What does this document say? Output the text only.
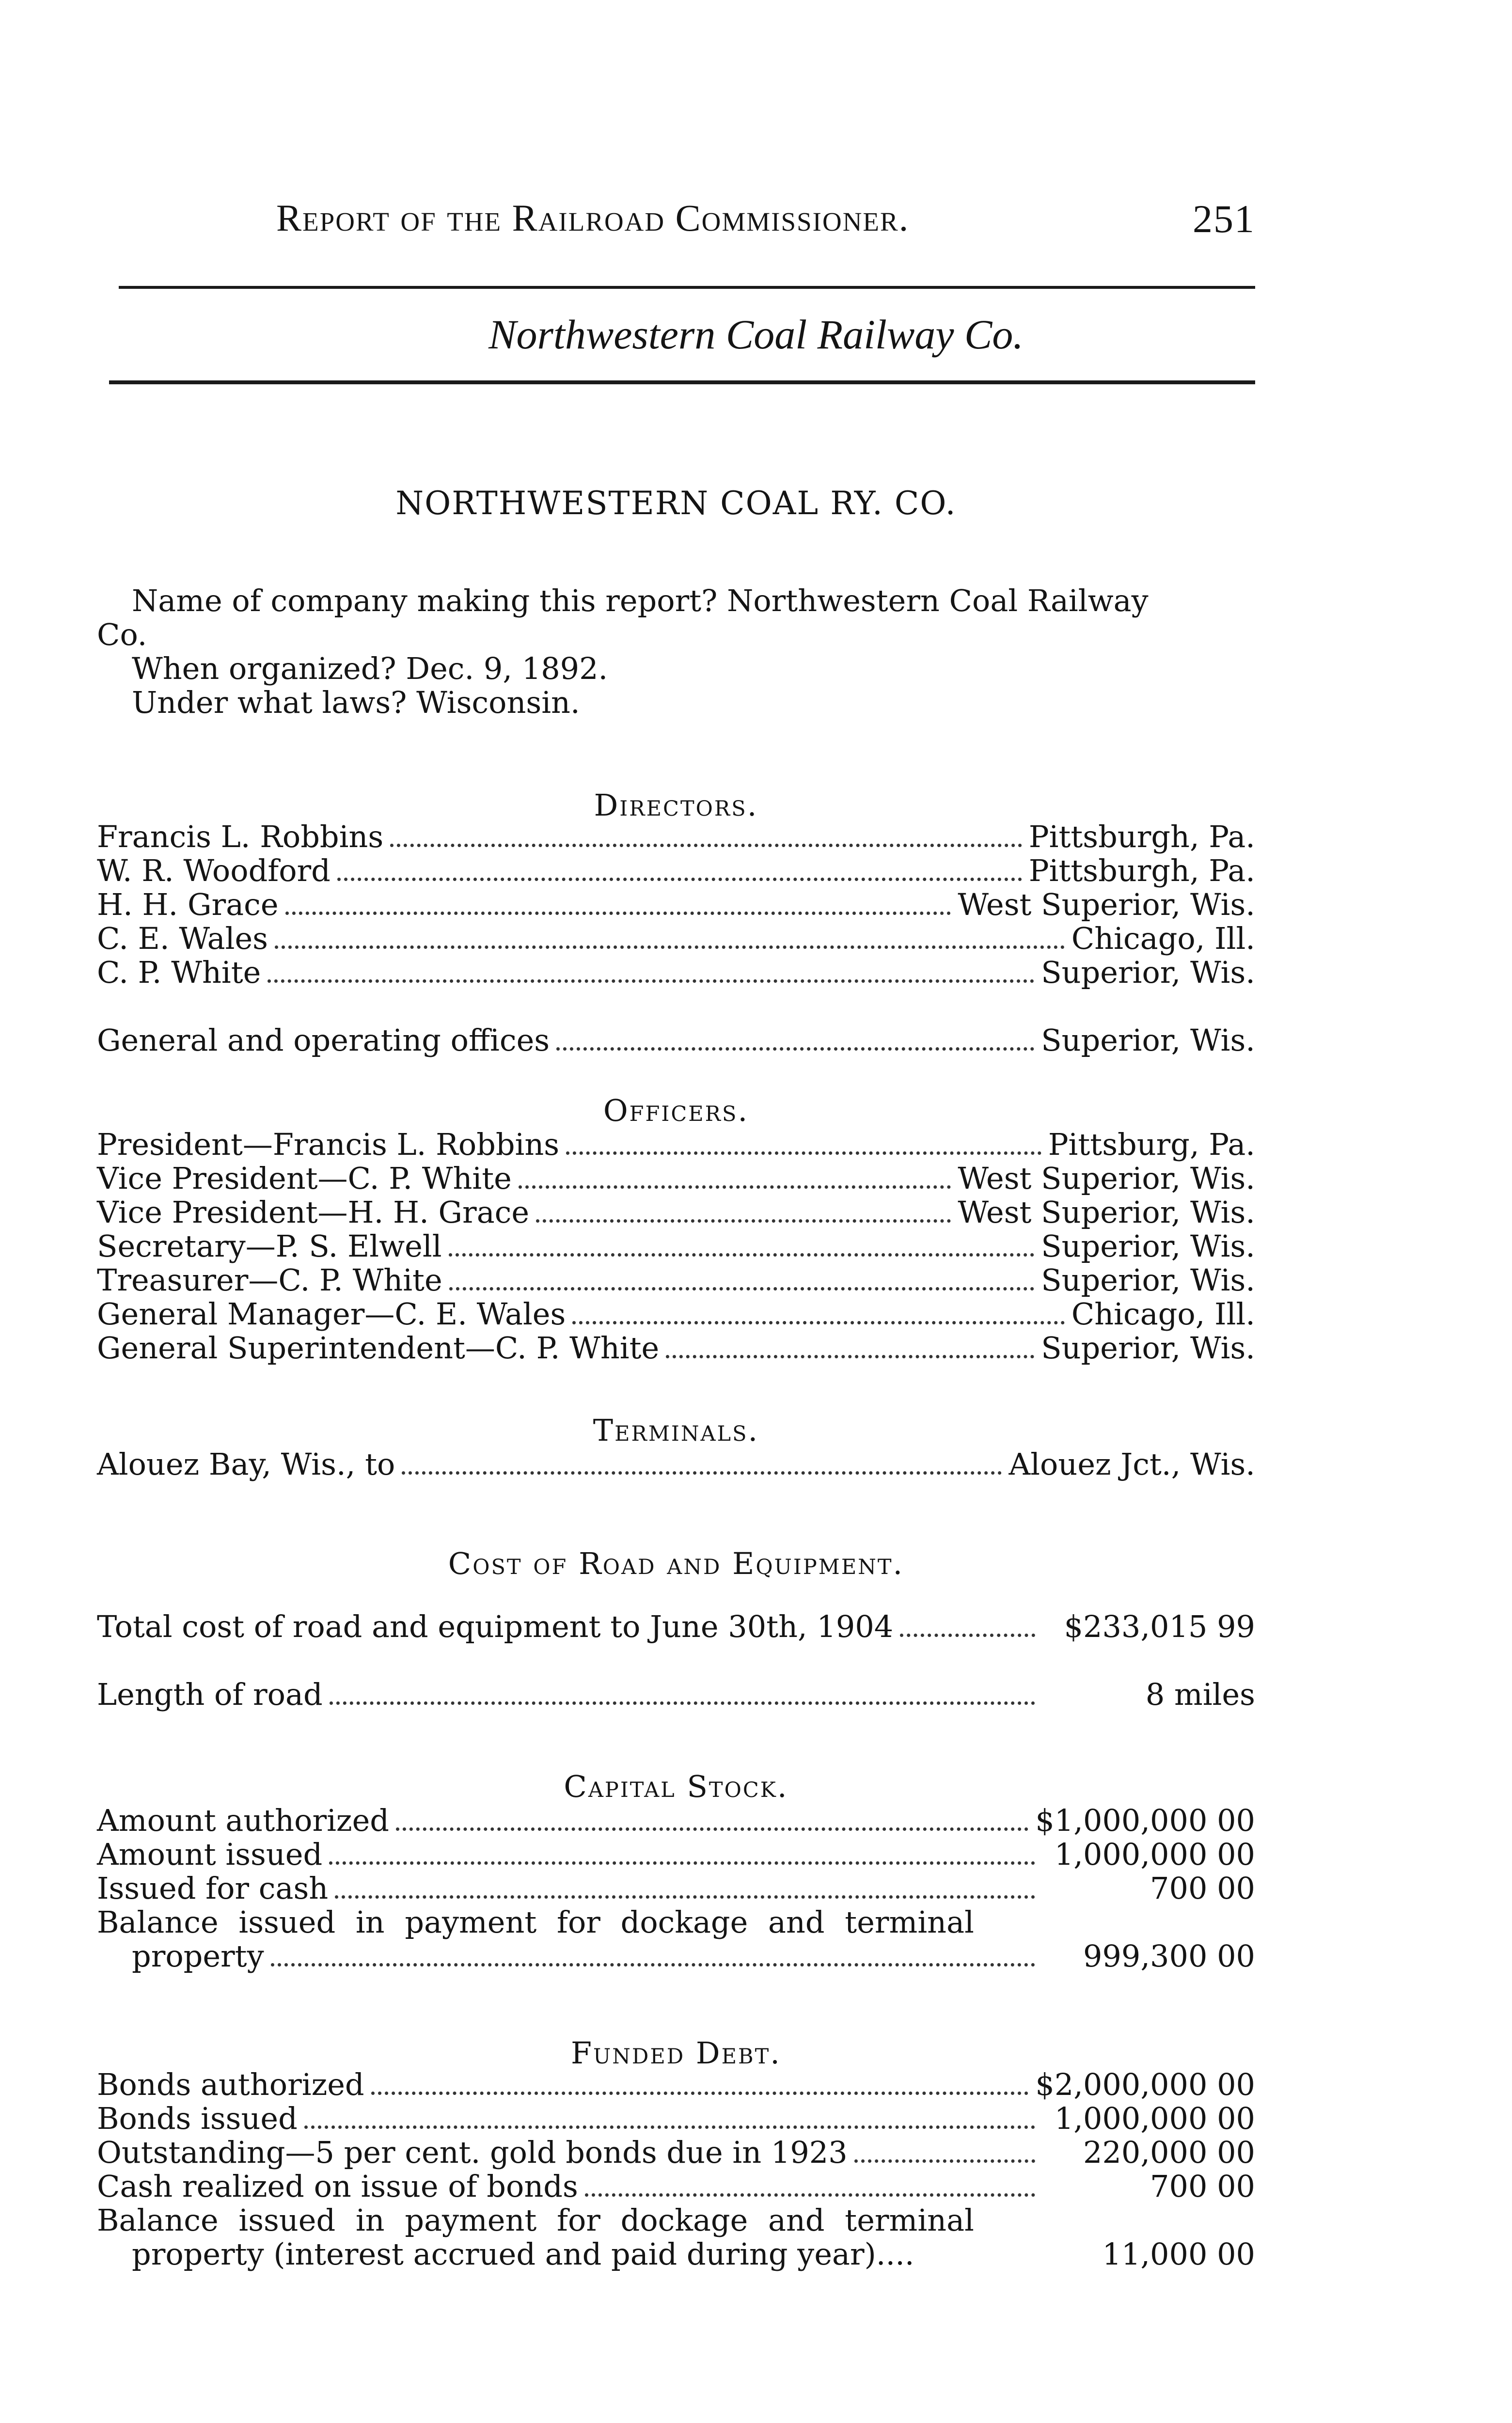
Report of the Railroad Commissioner.	251
Northwestern Coal Railway Co.
NORTHWESTERN COAL RY. CO.
Name of company making this report? Northwestern Coal Railway
Co.
When organized? Dec. 9, 1892.
Under what laws? Wisconsin.
Directors.
Francis L. Robbins	Pittsburgh, Pa.
W. R. Woodford	Pittsburgh, Pa.
H. H. Grace	West Superior, Wis.
C. E. Wales	Chicago, Ill.
C. P. White	Superior, Wis.
General and operating offices	Superior, Wis.
Officers.
President—Francis L. Robbins	Pittsburg, Pa.
Vice President—C. P. White	West Superior, Wis.
Vice President—H. H. Grace	West Superior, Wis.
Secretary—P. S. Elwell	Superior, Wis.
Treasurer—C. P. White	Superior, Wis.
General Manager—C. E. Wales	Chicago, Ill.
General Superintendent—C. P. White	Superior, Wis.
Terminals.
Alouez Bay, Wis., to	Alouez Jct., Wis.
Cost of Road and Equipment.
Total cost of road and equipment to June 30th, 1904	$233,015 99
Length of road	8 miles
Capital Stock.
Amount authorized	$1,000,000 00
Amount issued	1,000,000 00
Issued for cash	700 00
Balance issued in payment for dockage and terminal
property	999,300 00
Funded Debt.
Bonds authorized	$2,000,000 00
Bonds issued	1,000,000 00
Outstanding—5 per cent. gold bonds due in 1923	220,000 00
Cash realized on issue of bonds	700 00
Balance issued in payment for dockage and terminal
property (interest accrued and paid during year)....	11,000 00
